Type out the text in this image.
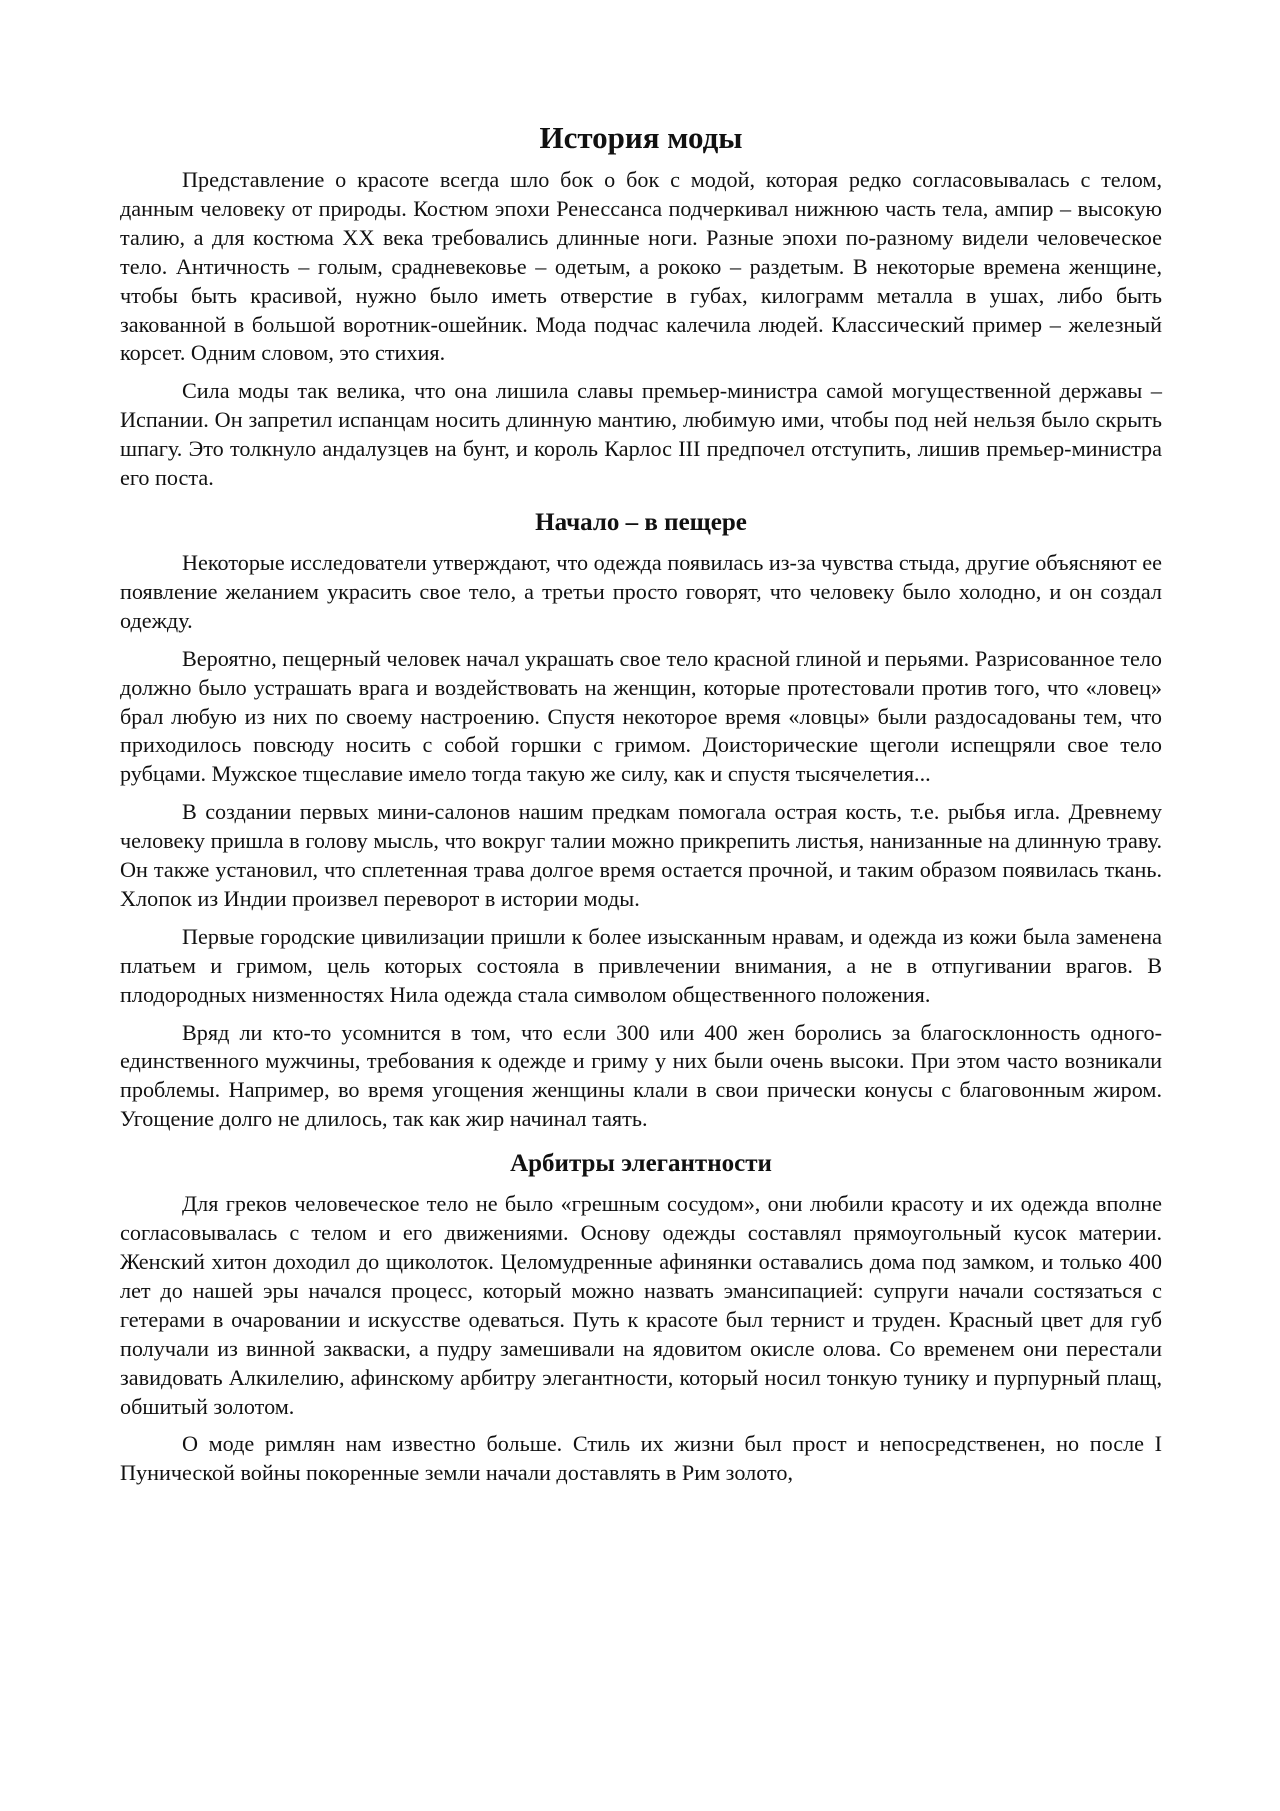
История моды

Представление о красоте всегда шло бок о бок с модой, которая редко согласовывалась с телом, данным человеку от природы. Костюм эпохи Ренессанса подчеркивал нижнюю часть тела, ампир – высокую талию, а для костюма XX века требовались длинные ноги. Разные эпохи по-разному видели человеческое тело. Античность – голым, срадневековье – одетым, а рококо – раздетым. В некоторые времена женщине, чтобы быть красивой, нужно было иметь отверстие в губах, килограмм металла в ушах, либо быть закованной в большой воротник-ошейник. Мода подчас калечила людей. Классический пример – железный корсет. Одним словом, это стихия.

Сила моды так велика, что она лишила славы премьер-министра самой могущественной державы – Испании. Он запретил испанцам носить длинную мантию, любимую ими, чтобы под ней нельзя было скрыть шпагу. Это толкнуло андалузцев на бунт, и король Карлос III предпочел отступить, лишив премьер-министра его поста.

Начало – в пещере

Некоторые исследователи утверждают, что одежда появилась из-за чувства стыда, другие объясняют ее появление желанием украсить свое тело, а третьи просто говорят, что человеку было холодно, и он создал одежду.

Вероятно, пещерный человек начал украшать свое тело красной глиной и перьями. Разрисованное тело должно было устрашать врага и воздействовать на женщин, которые протестовали против того, что «ловец» брал любую из них по своему настроению. Спустя некоторое время «ловцы» были раздосадованы тем, что приходилось повсюду носить с собой горшки с гримом. Доисторические щеголи испещряли свое тело рубцами. Мужское тщеславие имело тогда такую же силу, как и спустя тысячелетия...

В создании первых мини-салонов нашим предкам помогала острая кость, т.е. рыбья игла. Древнему человеку пришла в голову мысль, что вокруг талии можно прикрепить листья, нанизанные на длинную траву. Он также установил, что сплетенная трава долгое время остается прочной, и таким образом появилась ткань. Хлопок из Индии произвел переворот в истории моды.

Первые городские цивилизации пришли к более изысканным нравам, и одежда из кожи была заменена платьем и гримом, цель которых состояла в привлечении внимания, а не в отпугивании врагов. В плодородных низменностях Нила одежда стала символом общественного положения.

Вряд ли кто-то усомнится в том, что если 300 или 400 жен боролись за благосклонность одного-единственного мужчины, требования к одежде и гриму у них были очень высоки. При этом часто возникали проблемы. Например, во время угощения женщины клали в свои прически конусы с благовонным жиром. Угощение долго не длилось, так как жир начинал таять.

Арбитры элегантности

Для греков человеческое тело не было «грешным сосудом», они любили красоту и их одежда вполне согласовывалась с телом и его движениями. Основу одежды составлял прямоугольный кусок материи. Женский хитон доходил до щиколоток. Целомудренные афинянки оставались дома под замком, и только 400 лет до нашей эры начался процесс, который можно назвать эмансипацией: супруги начали состязаться с гетерами в очаровании и искусстве одеваться. Путь к красоте был тернист и труден. Красный цвет для губ получали из винной закваски, а пудру замешивали на ядовитом окисле олова. Со временем они перестали завидовать Алкилелию, афинскому арбитру элегантности, который носил тонкую тунику и пурпурный плащ, обшитый золотом.

О моде римлян нам известно больше. Стиль их жизни был прост и непосредственен, но после I Пунической войны покоренные земли начали доставлять в Рим золото,
